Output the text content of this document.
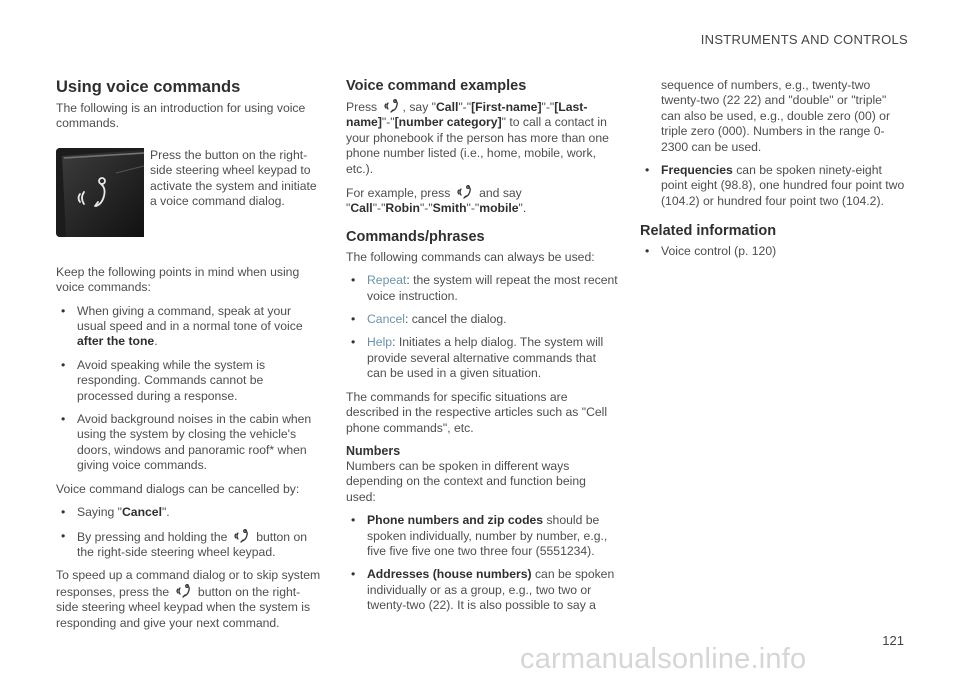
INSTRUMENTS AND CONTROLS
Using voice commands

The following is an introduction for using voice commands.

Press the button on the right-side steering wheel keypad to activate the system and initiate a voice command dialog.

Keep the following points in mind when using voice commands:

• When giving a command, speak at your usual speed and in a normal tone of voice after the tone.
• Avoid speaking while the system is responding. Commands cannot be processed during a response.
• Avoid background noises in the cabin when using the system by closing the vehicle's doors, windows and panoramic roof* when giving voice commands.

Voice command dialogs can be cancelled by:

• Saying "Cancel".
• By pressing and holding the button on the right-side steering wheel keypad.

To speed up a command dialog or to skip system responses, press the button on the right-side steering wheel keypad when the system is responding and give your next command.

Voice command examples

Press , say "Call"-"[First-name]"-"[Last-name]"-"[number category]" to call a contact in your phonebook if the person has more than one phone number listed (i.e., home, mobile, work, etc.).

For example, press and say
"Call"-"Robin"-"Smith"-"mobile".

Commands/phrases

The following commands can always be used:

• Repeat: the system will repeat the most recent voice instruction.
• Cancel: cancel the dialog.
• Help: Initiates a help dialog. The system will provide several alternative commands that can be used in a given situation.

The commands for specific situations are described in the respective articles such as "Cell phone commands", etc.

Numbers

Numbers can be spoken in different ways depending on the context and function being used:

• Phone numbers and zip codes should be spoken individually, number by number, e.g., five five five one two three four (5551234).
• Addresses (house numbers) can be spoken individually or as a group, e.g., two two or twenty-two (22). It is also possible to say a

sequence of numbers, e.g., twenty-two twenty-two (22 22) and "double" or "triple" can also be used, e.g., double zero (00) or triple zero (000). Numbers in the range 0-2300 can be used.

• Frequencies can be spoken ninety-eight point eight (98.8), one hundred four point two (104.2) or hundred four point two (104.2).
Related information
• Voice control (p. 120)
121
carmanualsonline.info
